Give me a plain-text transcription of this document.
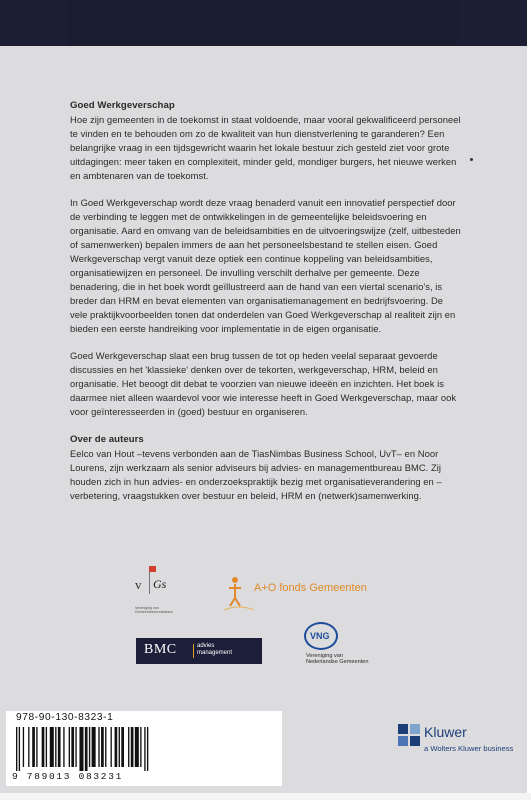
Goed Werkgeverschap

Hoe zijn gemeenten in de toekomst in staat voldoende, maar vooral gekwalificeerd personeel te vinden en te behouden om zo de kwaliteit van hun dienstverlening te garanderen? Een belangrijke vraag in een tijdsgewricht waarin het lokale bestuur zich gesteld ziet voor grote uitdagingen: meer taken en complexiteit, minder geld, mondiger burgers, het nieuwe werken en ambtenaren van de toekomst.

In Goed Werkgeverschap wordt deze vraag benaderd vanuit een innovatief perspectief door de verbinding te leggen met de ontwikkelingen in de gemeentelijke beleidsvoering en organisatie. Aard en omvang van de beleidsambities en de uitvoeringswijze (zelf, uitbesteden of samenwerken) bepalen immers de aan het personeelsbestand te stellen eisen. Goed Werkgeverschap vergt vanuit deze optiek een continue koppeling van beleidsambities, organisatiewijzen en personeel. De invulling verschilt derhalve per gemeente. Deze benadering, die in het boek wordt geïllustreerd aan de hand van een viertal scenario's, is breder dan HRM en bevat elementen van organisatiemanagement en bedrijfsvoering. De vele praktijkvoorbeelden tonen dat onderdelen van Goed Werkgeverschap al realiteit zijn en bieden een eerste handreiking voor implementatie in de eigen organisatie.

Goed Werkgeverschap slaat een brug tussen de tot op heden veelal separaat gevoerde discussies en het 'klassieke' denken over de tekorten, werkgeverschap, HRM, beleid en organisatie. Het beoogt dit debat te voorzien van nieuwe ideeën en inzichten. Het boek is daarmee niet alleen waardevol voor wie interesse heeft in Goed Werkgeverschap, maar ook voor geïnteresseerden in (goed) bestuur en organiseren.

Over de auteurs

Eelco van Hout –tevens verbonden aan de TiasNimbas Business School, UvT– en Noor Lourens, zijn werkzaam als senior adviseurs bij advies- en managementbureau BMC. Zij houden zich in hun advies- en onderzoekspraktijk bezig met organisatieverandering en –verbetering, vraagstukken over bestuur en beleid, HRM en (netwerk)samenwerking.

v Gs
Vereniging van Gemeentesecretarissen
A+O fonds Gemeenten
BMC	advies
management
VNG
Vereniging van
Nederlandse Gemeenten
978-90-130-8323-1
9 789013 083231
Kluwer
a Wolters Kluwer business
